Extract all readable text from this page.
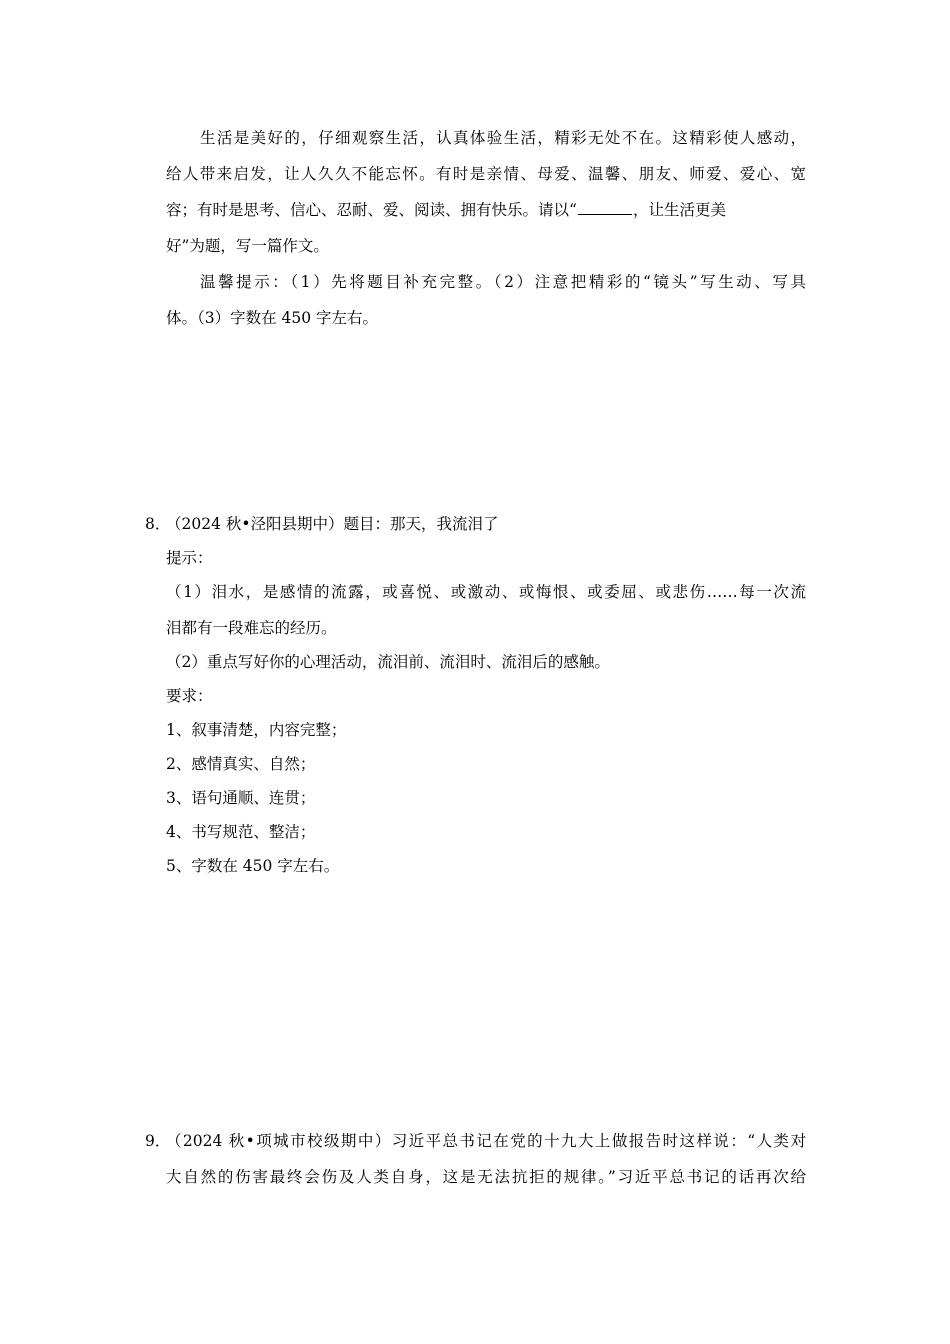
生活是美好的，仔细观察生活，认真体验生活，精彩无处不在。这精彩使人感动，

给人带来启发，让人久久不能忘怀。有时是亲情、母爱、温馨、朋友、师爱、爱心、宽

容；有时是思考、信心、忍耐、爱、阅读、拥有快乐。请以“	，让生活更美

好”为题，写一篇作文。

温馨提示：（1）先将题目补充完整。（2）注意把精彩的“镜头”写生动、写具

体。（3）字数在 450 字左右。

8．

（2024 秋•泾阳县期中）题目：那天，我流泪了

提示：

（1）泪水，是感情的流露，或喜悦、或激动、或悔恨、或委屈、或悲伤……每一次流

泪都有一段难忘的经历。

（2）重点写好你的心理活动，流泪前、流泪时、流泪后的感触。

要求：

1、叙事清楚，内容完整；

2、感情真实、自然；

3、语句通顺、连贯；

4、书写规范、整洁；

5、字数在 450 字左右。

9．

（2024 秋•项城市校级期中）习近平总书记在党的十九大上做报告时这样说：“人类对

大自然的伤害最终会伤及人类自身，这是无法抗拒的规律。”习近平总书记的话再次给
